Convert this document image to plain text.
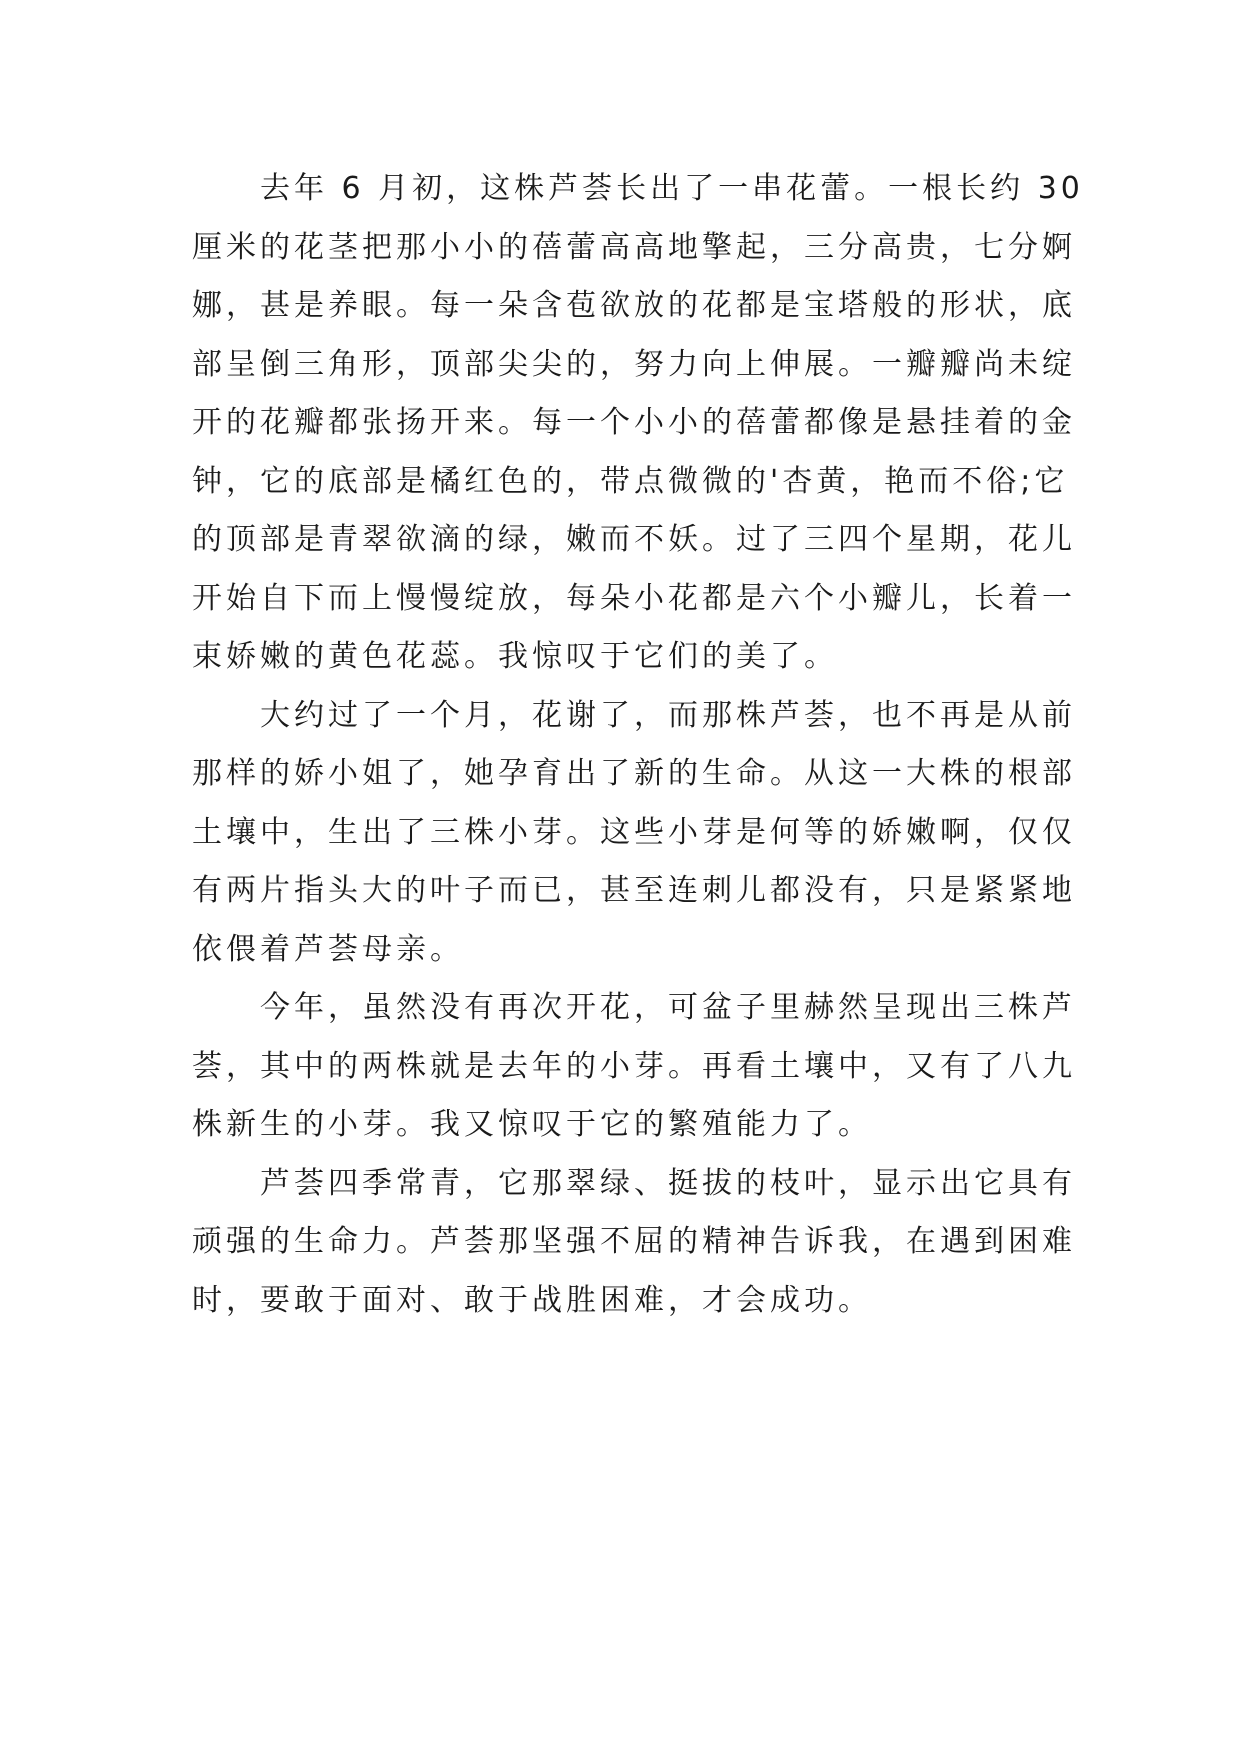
去年 6 月初，这株芦荟长出了一串花蕾。一根长约 30
厘米的花茎把那小小的蓓蕾高高地擎起，三分高贵，七分婀
娜，甚是养眼。每一朵含苞欲放的花都是宝塔般的形状，底
部呈倒三角形，顶部尖尖的，努力向上伸展。一瓣瓣尚未绽
开的花瓣都张扬开来。每一个小小的蓓蕾都像是悬挂着的金
钟，它的底部是橘红色的，带点微微的'杏黄，艳而不俗;它
的顶部是青翠欲滴的绿，嫩而不妖。过了三四个星期，花儿
开始自下而上慢慢绽放，每朵小花都是六个小瓣儿，长着一
束娇嫩的黄色花蕊。我惊叹于它们的美了。
大约过了一个月，花谢了，而那株芦荟，也不再是从前
那样的娇小姐了，她孕育出了新的生命。从这一大株的根部
土壤中，生出了三株小芽。这些小芽是何等的娇嫩啊，仅仅
有两片指头大的叶子而已，甚至连刺儿都没有，只是紧紧地
依偎着芦荟母亲。
今年，虽然没有再次开花，可盆子里赫然呈现出三株芦
荟，其中的两株就是去年的小芽。再看土壤中，又有了八九
株新生的小芽。我又惊叹于它的繁殖能力了。
芦荟四季常青，它那翠绿、挺拔的枝叶，显示出它具有
顽强的生命力。芦荟那坚强不屈的精神告诉我，在遇到困难
时，要敢于面对、敢于战胜困难，才会成功。
